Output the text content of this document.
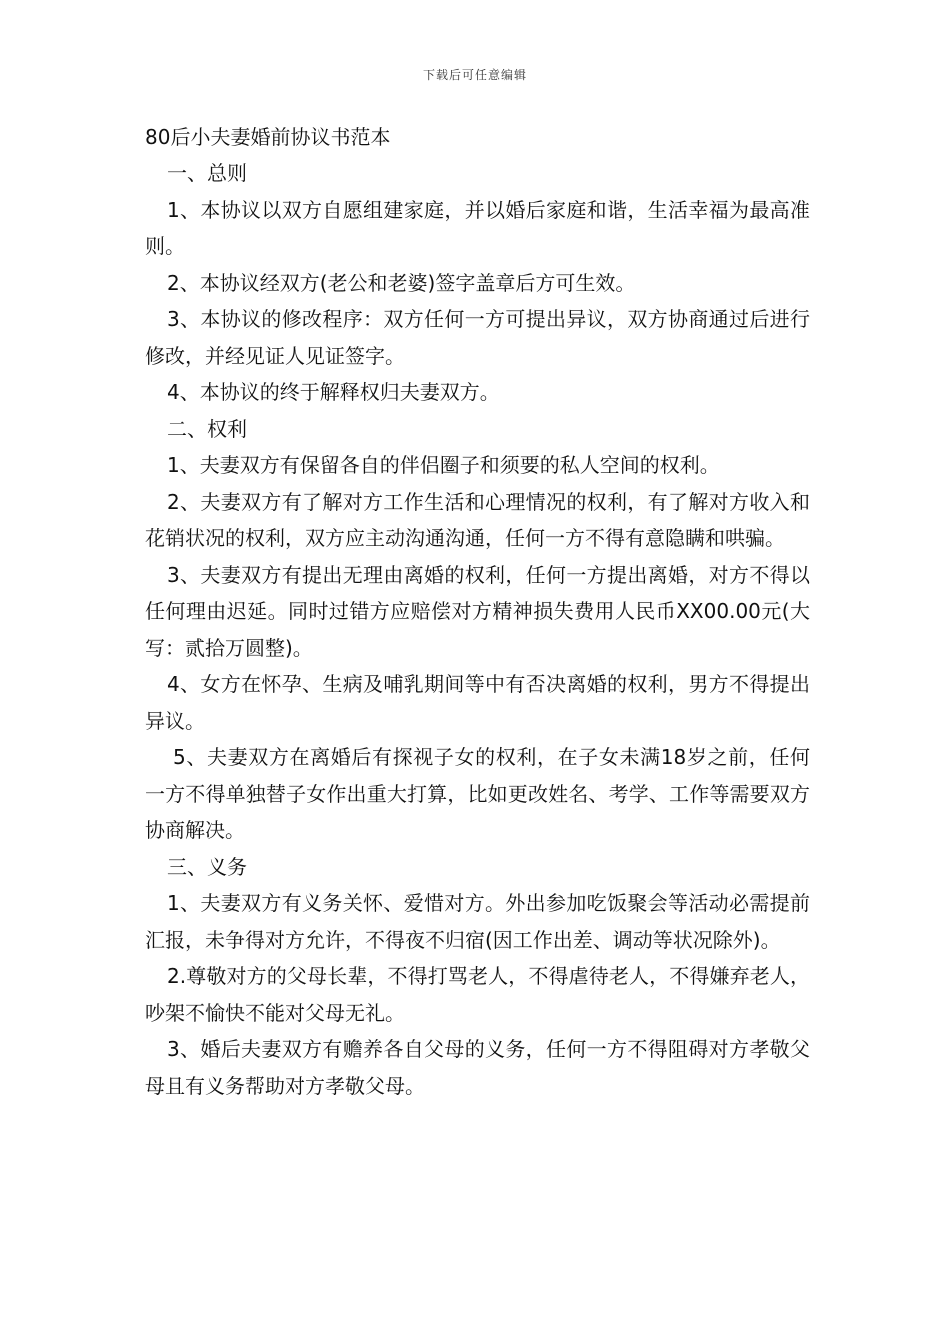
下载后可任意编辑

80后小夫妻婚前协议书范本

一、总则

1、本协议以双方自愿组建家庭，并以婚后家庭和谐，生活幸福为最高准则。

2、本协议经双方(老公和老婆)签字盖章后方可生效。

3、本协议的修改程序：双方任何一方可提出异议，双方协商通过后进行修改，并经见证人见证签字。

4、本协议的终于解释权归夫妻双方。

二、权利

1、夫妻双方有保留各自的伴侣圈子和须要的私人空间的权利。

2、夫妻双方有了解对方工作生活和心理情况的权利，有了解对方收入和花销状况的权利，双方应主动沟通沟通，任何一方不得有意隐瞒和哄骗。

3、夫妻双方有提出无理由离婚的权利，任何一方提出离婚，对方不得以任何理由迟延。同时过错方应赔偿对方精神损失费用人民币XX00.00元(大写：贰拾万圆整)。

4、女方在怀孕、生病及哺乳期间等中有否决离婚的权利，男方不得提出异议。

5、夫妻双方在离婚后有探视子女的权利，在子女未满18岁之前，任何一方不得单独替子女作出重大打算，比如更改姓名、考学、工作等需要双方协商解决。

三、义务

1、夫妻双方有义务关怀、爱惜对方。外出参加吃饭聚会等活动必需提前汇报，未争得对方允许，不得夜不归宿(因工作出差、调动等状况除外)。

2.尊敬对方的父母长辈，不得打骂老人，不得虐待老人，不得嫌弃老人，吵架不愉快不能对父母无礼。

3、婚后夫妻双方有赡养各自父母的义务，任何一方不得阻碍对方孝敬父母且有义务帮助对方孝敬父母。
